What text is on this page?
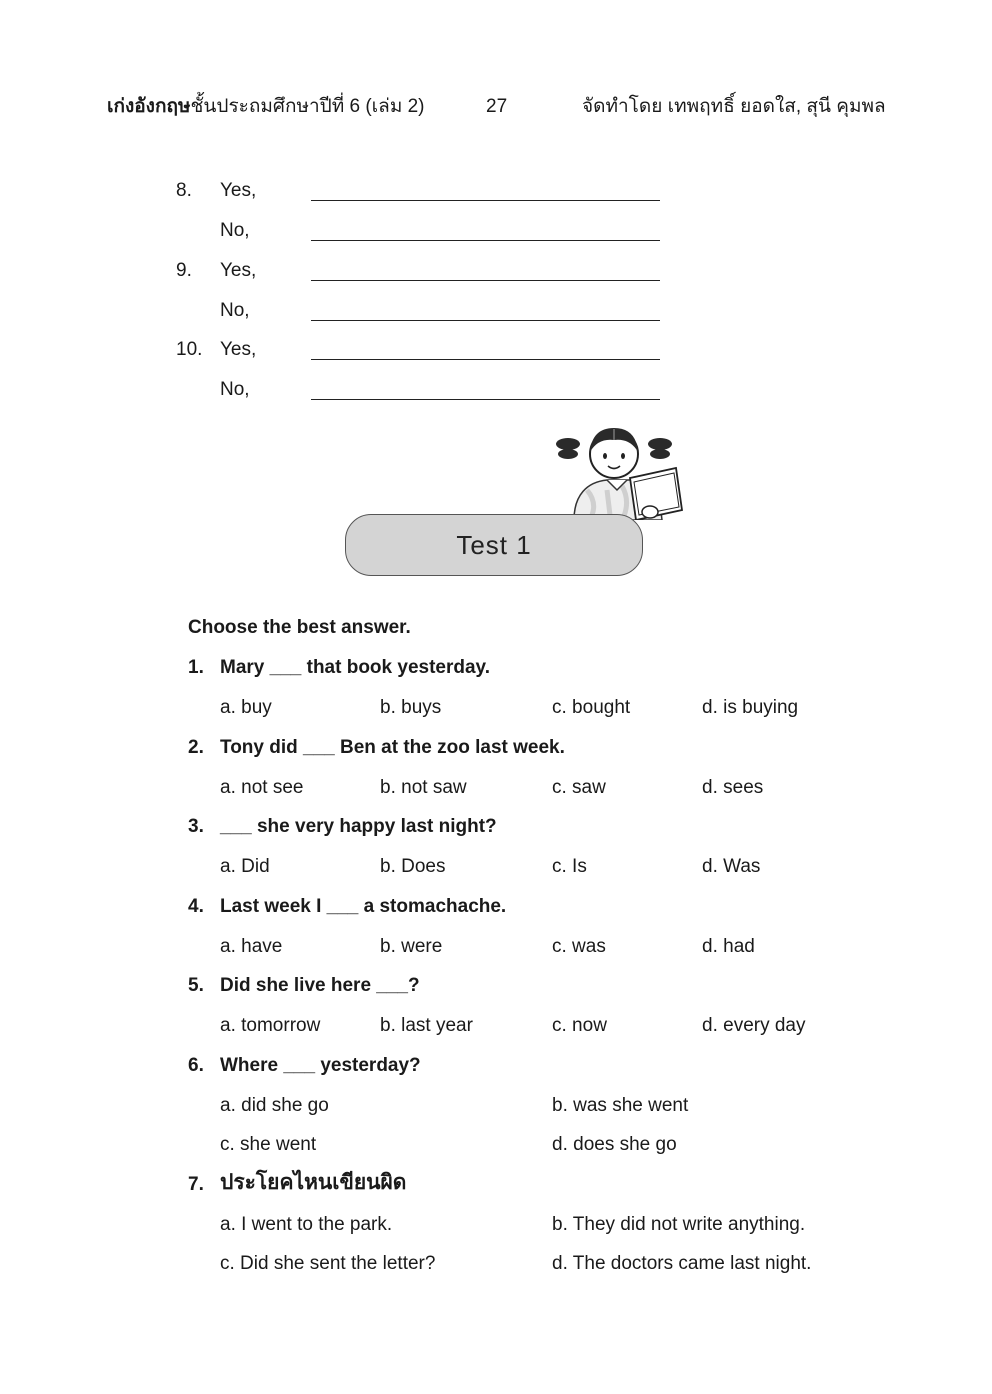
เก่งอังกฤษชั้นประถมศึกษาปีที่ 6 (เล่ม 2)	27	จัดทำโดย เทพฤทธิ์ ยอดใส, สุนี คุมพล
8. Yes,
No,
9. Yes,
No,
10. Yes,
No,
Test 1
Choose the best answer.
1. Mary ___ that book yesterday.
a. buy	b. buys	c. bought	d. is buying
2. Tony did ___ Ben at the zoo last week.
a. not see	b. not saw	c. saw	d. sees
3. ___ she very happy last night?
a. Did	b. Does	c. Is	d. Was
4. Last week I ___ a stomachache.
a. have	b. were	c. was	d. had
5. Did she live here ___?
a. tomorrow	b. last year	c. now	d. every day
6. Where ___ yesterday?
a. did she go	b. was she went
c. she went	d. does she go
7. ประโยคไหนเขียนผิด
a. I went to the park.	b. They did not write anything.
c. Did she sent the letter?	d. The doctors came last night.
